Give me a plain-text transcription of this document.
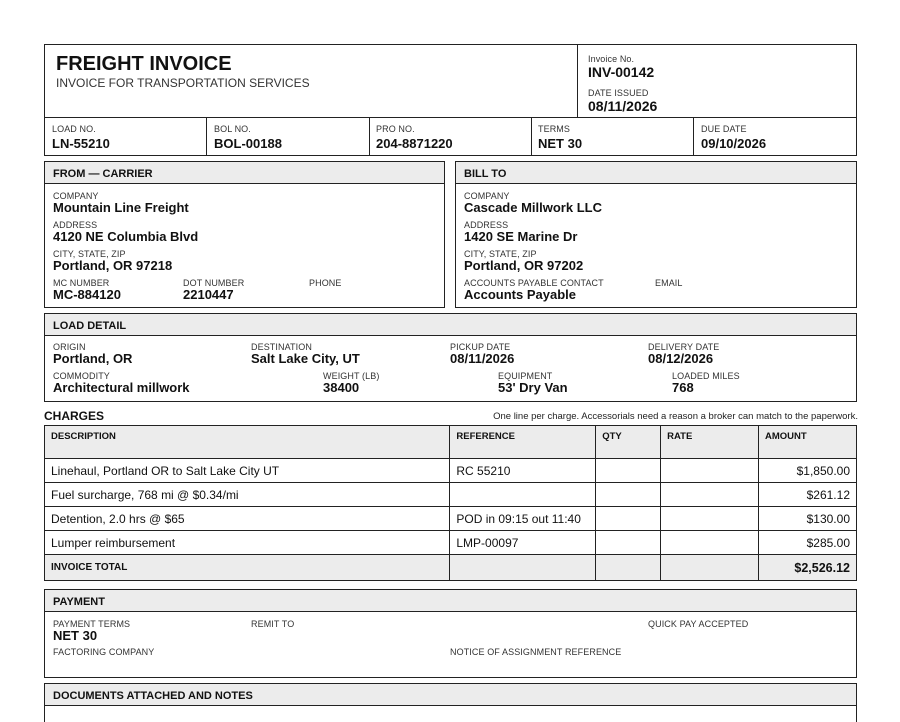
FREIGHT INVOICE
INVOICE FOR TRANSPORTATION SERVICES
Invoice No.
INV-00142
DATE ISSUED
08/11/2026
LOAD NO.
LN-55210
BOL NO.
BOL-00188
PRO NO.
204-8871220
TERMS
NET 30
DUE DATE
09/10/2026
FROM — CARRIER
COMPANY
Mountain Line Freight
ADDRESS
4120 NE Columbia Blvd
CITY, STATE, ZIP
Portland, OR 97218
MC NUMBER
MC-884120
DOT NUMBER
2210447
PHONE
BILL TO
COMPANY
Cascade Millwork LLC
ADDRESS
1420 SE Marine Dr
CITY, STATE, ZIP
Portland, OR 97202
ACCOUNTS PAYABLE CONTACT
Accounts Payable
EMAIL
LOAD DETAIL
ORIGIN
Portland, OR
DESTINATION
Salt Lake City, UT
PICKUP DATE
08/11/2026
DELIVERY DATE
08/12/2026
COMMODITY
Architectural millwork
WEIGHT (LB)
38400
EQUIPMENT
53' Dry Van
LOADED MILES
768
CHARGES	One line per charge. Accessorials need a reason a broker can match to the paperwork.
DESCRIPTION	REFERENCE	QTY	RATE	AMOUNT
Linehaul, Portland OR to Salt Lake City UT	RC 55210			$1,850.00
Fuel surcharge, 768 mi @ $0.34/mi				$261.12
Detention, 2.0 hrs @ $65	POD in 09:15 out 11:40			$130.00
Lumper reimbursement	LMP-00097			$285.00
INVOICE TOTAL				$2,526.12
PAYMENT
PAYMENT TERMS
NET 30
REMIT TO	QUICK PAY ACCEPTED
FACTORING COMPANY	NOTICE OF ASSIGNMENT REFERENCE
DOCUMENTS ATTACHED AND NOTES
